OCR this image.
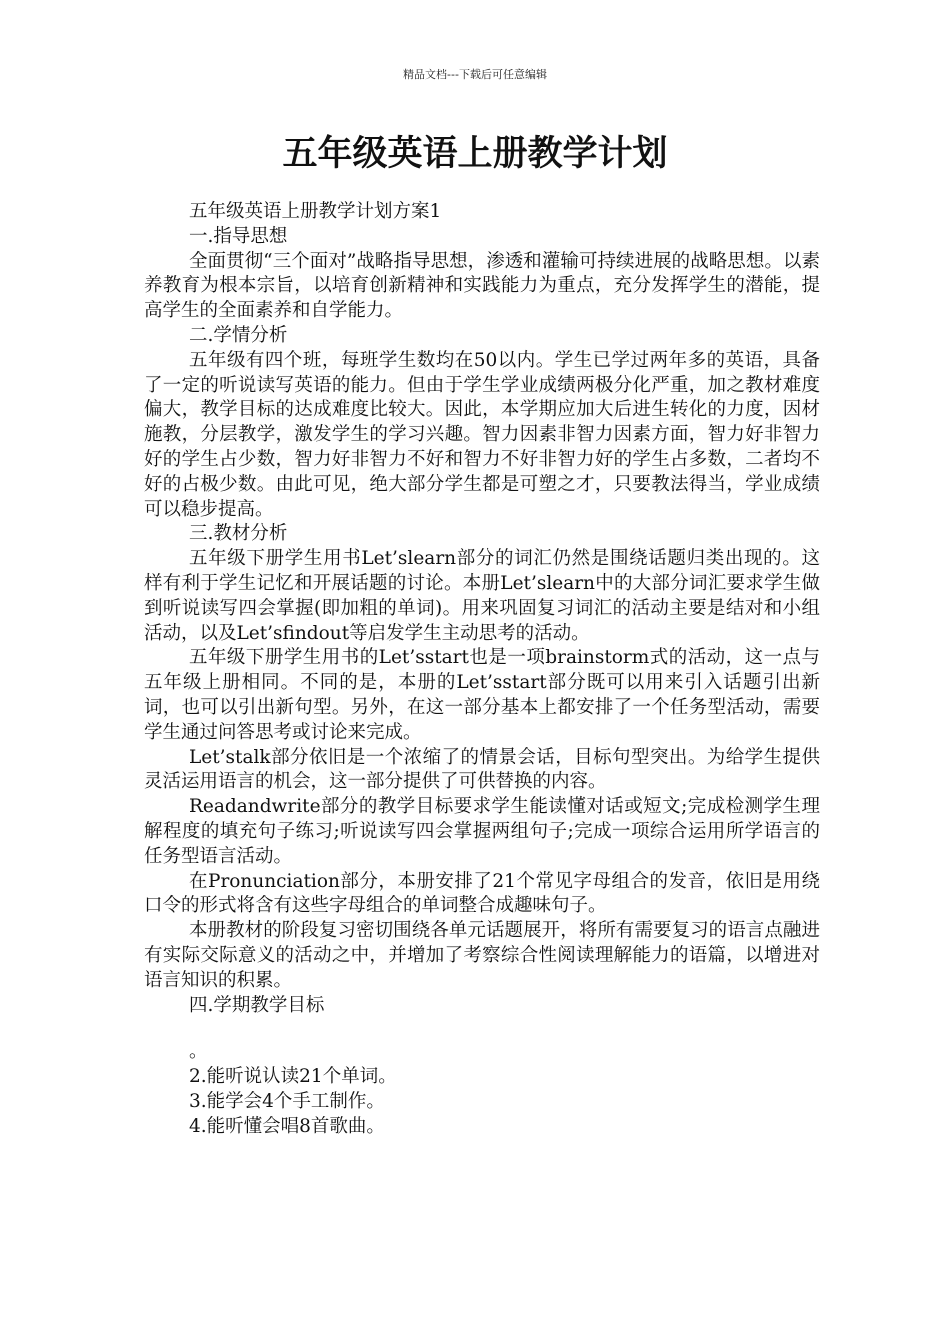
精品文档---下载后可任意编辑
五年级英语上册教学计划

五年级英语上册教学计划方案1

一.指导思想

全面贯彻“三个面对”战略指导思想，渗透和灌输可持续进展的战略思想。以素养教育为根本宗旨，以培育创新精神和实践能力为重点，充分发挥学生的潜能，提高学生的全面素养和自学能力。

二.学情分析

五年级有四个班，每班学生数均在50以内。学生已学过两年多的英语，具备了一定的听说读写英语的能力。但由于学生学业成绩两极分化严重，加之教材难度偏大，教学目标的达成难度比较大。因此，本学期应加大后进生转化的力度，因材施教，分层教学，激发学生的学习兴趣。智力因素非智力因素方面，智力好非智力好的学生占少数，智力好非智力不好和智力不好非智力好的学生占多数，二者均不好的占极少数。由此可见，绝大部分学生都是可塑之才，只要教法得当，学业成绩可以稳步提高。

三.教材分析

五年级下册学生用书Let’slearn部分的词汇仍然是围绕话题归类出现的。这样有利于学生记忆和开展话题的讨论。本册Let’slearn中的大部分词汇要求学生做到听说读写四会掌握(即加粗的单词)。用来巩固复习词汇的活动主要是结对和小组活动，以及Let’sfindout等启发学生主动思考的活动。

五年级下册学生用书的Let’sstart也是一项brainstorm式的活动，这一点与五年级上册相同。不同的是，本册的Let’sstart部分既可以用来引入话题引出新词，也可以引出新句型。另外，在这一部分基本上都安排了一个任务型活动，需要学生通过问答思考或讨论来完成。

Let’stalk部分依旧是一个浓缩了的情景会话，目标句型突出。为给学生提供灵活运用语言的机会，这一部分提供了可供替换的内容。

Readandwrite部分的教学目标要求学生能读懂对话或短文;完成检测学生理解程度的填充句子练习;听说读写四会掌握两组句子;完成一项综合运用所学语言的任务型语言活动。

在Pronunciation部分，本册安排了21个常见字母组合的发音，依旧是用绕口令的形式将含有这些字母组合的单词整合成趣味句子。

本册教材的阶段复习密切围绕各单元话题展开，将所有需要复习的语言点融进有实际交际意义的活动之中，并增加了考察综合性阅读理解能力的语篇，以增进对语言知识的积累。

四.学期教学目标

。

2.能听说认读21个单词。

3.能学会4个手工制作。

4.能听懂会唱8首歌曲。
